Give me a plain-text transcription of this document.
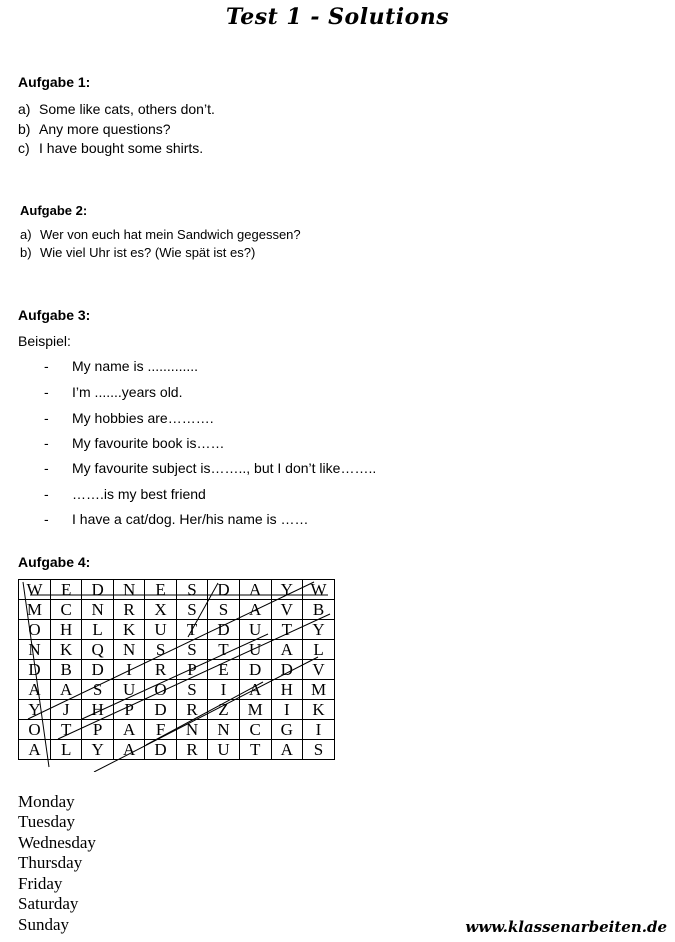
Test 1 - Solutions
Aufgabe 1:
a) Some like cats, others don’t.
b) Any more questions?
c) I have bought some shirts.
Aufgabe 2:
a) Wer von euch hat mein Sandwich gegessen?
b) Wie viel Uhr ist es? (Wie spät ist es?)
Aufgabe 3:
Beispiel:
- My name is .............
- I’m .......years old.
- My hobbies are……….
- My favourite book is……
- My favourite subject is…….., but I don’t like……..
- …….is my best friend
- I have a cat/dog. Her/his name is ……
Aufgabe 4:
W	E	D	N	E	S	D	A	Y	W
M	C	N	R	X	S	S	A	V	B
O	H	L	K	U	T	D	U	T	Y
N	K	Q	N	S	S	T	U	A	L
D	B	D	I	R	P	E	D	D	V
A	A	S	U	O	S	I	A	H	M
Y	J	H	P	D	R	Z	M	I	K
O	T	P	A	F	N	N	C	G	I
A	L	Y	A	D	R	U	T	A	S
Monday
Tuesday
Wednesday
Thursday
Friday
Saturday
Sunday	www.klassenarbeiten.de
